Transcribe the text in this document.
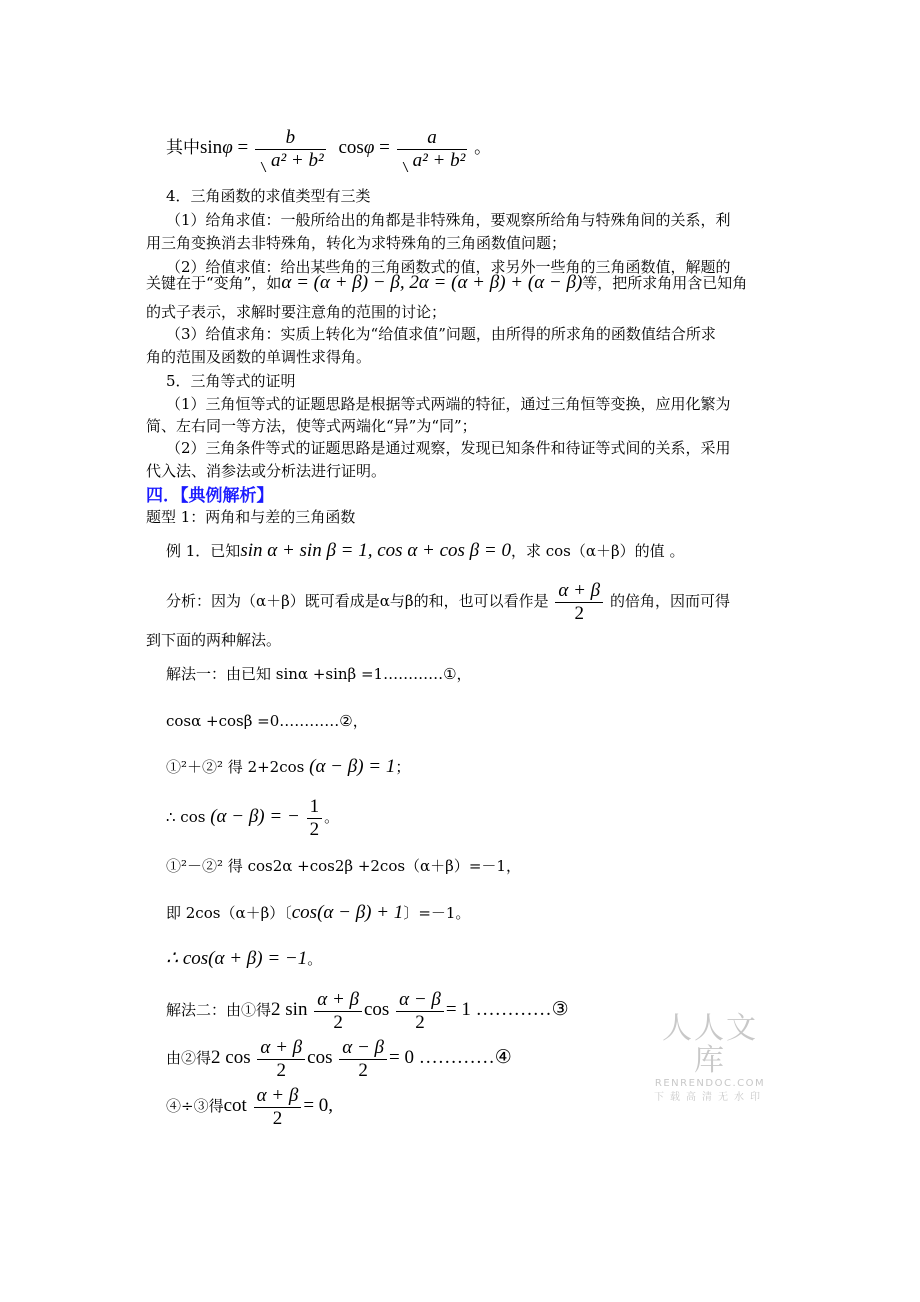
其中$\sin\varphi = \frac{b}{\text{a² + b²}}$ $\cos\varphi = \frac{a}{\text{a² + b²}}$ 。
4．三角函数的求值类型有三类
（1）给角求值：一般所给出的角都是非特殊角，要观察所给角与特殊角间的关系，利
用三角变换消去非特殊角，转化为求特殊角的三角函数值问题；
（2）给值求值：给出某些角的三角函数式的值，求另外一些角的三角函数值，解题的
关键在于“变角”，如α = (α + β) − β, 2α = (α + β) + (α − β)等，把所求角用含已知角
的式子表示，求解时要注意角的范围的讨论；
（3）给值求角：实质上转化为“给值求值”问题，由所得的所求角的函数值结合所求
角的范围及函数的单调性求得角。
5．三角等式的证明
（1）三角恒等式的证题思路是根据等式两端的特征，通过三角恒等变换，应用化繁为
简、左右同一等方法，使等式两端化“异”为“同”；
（2）三角条件等式的证题思路是通过观察，发现已知条件和待证等式间的关系，采用
代入法、消参法或分析法进行证明。
四．【典例解析】
题型 1：两角和与差的三角函数
例 1．已知sin α + sin β = 1, cos α + cos β = 0，求 cos（α＋β）的值 。
分析：因为（α＋β）既可看成是α与β的和，也可以看作是 $\frac{\alpha + \beta}{2}$ 的倍角，因而可得
到下面的两种解法。
解法一：由已知 sinα +sinβ =1…………①，
cosα +cosβ =0…………②，
①²＋②² 得 2+2cos (α − β) = 1；
∴ cos (α − β) = − $\frac{1}{2}$ 。
①²－②² 得 cos2α +cos2β +2cos（α＋β）=－1，
即 2cos（α＋β）〔cos(α − β) + 1〕=－1。
∴ cos(α + β) = −1。
解法二：由①得2 $\sin \frac{\alpha + \beta}{2}$ $\cos \frac{\alpha - \beta}{2} = 1$ …………③
由②得2 $\cos \frac{\alpha + \beta}{2}$ $\cos \frac{\alpha - \beta}{2} = 0$ …………④
④÷③得$\cot \frac{\alpha + \beta}{2} = 0$,
人人文库
RENRENDOC.COM
下载高清无水印
